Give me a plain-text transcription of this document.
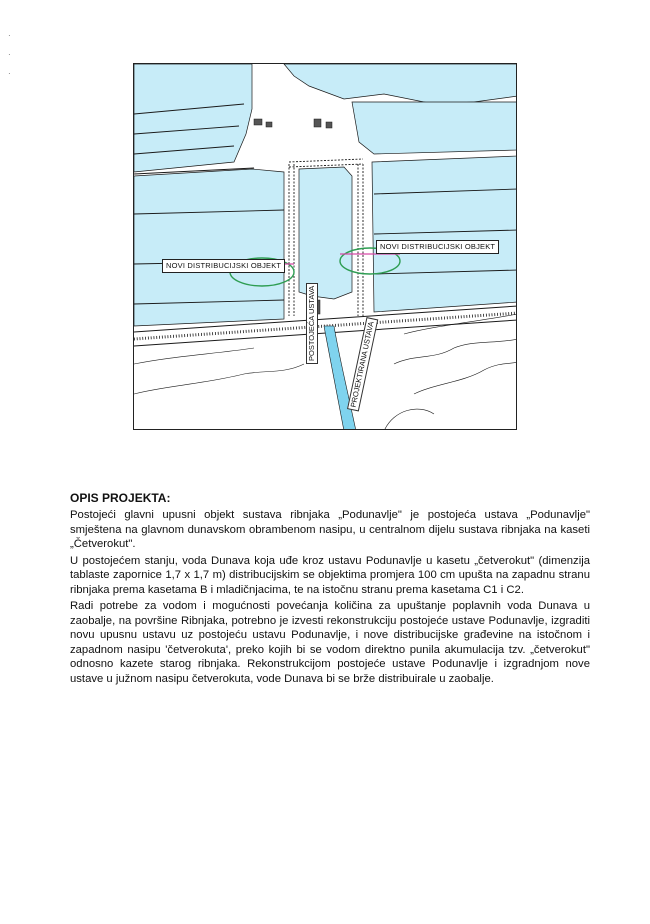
·
·
·
NOVI DISTRIBUCIJSKI OBJEKT
NOVI DISTRIBUCIJSKI OBJEKT
POSTOJEĆA USTAVA	PROJEKTIRANA USTAVA
OPIS PROJEKTA:

Postojeći glavni upusni objekt sustava ribnjaka „Podunavlje" je postojeća ustava „Podunavlje" smještena na glavnom dunavskom obrambenom nasipu, u centralnom dijelu sustava ribnjaka na kaseti „Četverokut".

U postojećem stanju, voda Dunava koja uđe kroz ustavu Podunavlje u kasetu „četverokut" (dimenzija tablaste zapornice 1,7 x 1,7 m) distribucijskim se objektima promjera 100 cm upušta na zapadnu stranu ribnjaka prema kasetama B i mladičnjacima, te na istočnu stranu prema kasetama C1 i C2.

Radi potrebe za vodom i mogućnosti povećanja količina za upuštanje poplavnih voda Dunava u zaobalje, na površine Ribnjaka, potrebno je izvesti rekonstrukciju postojeće ustave Podunavlje, izgraditi novu upusnu ustavu uz postojeću ustavu Podunavlje, i nove distribucijske građevine na istočnom i zapadnom nasipu 'četverokuta', preko kojih bi se vodom direktno punila akumulacija tzv. „četverokut" odnosno kazete starog ribnjaka. Rekonstrukcijom postojeće ustave Podunavlje i izgradnjom nove ustave u južnom nasipu četverokuta, vode Dunava bi se brže distribuirale u zaobalje.
